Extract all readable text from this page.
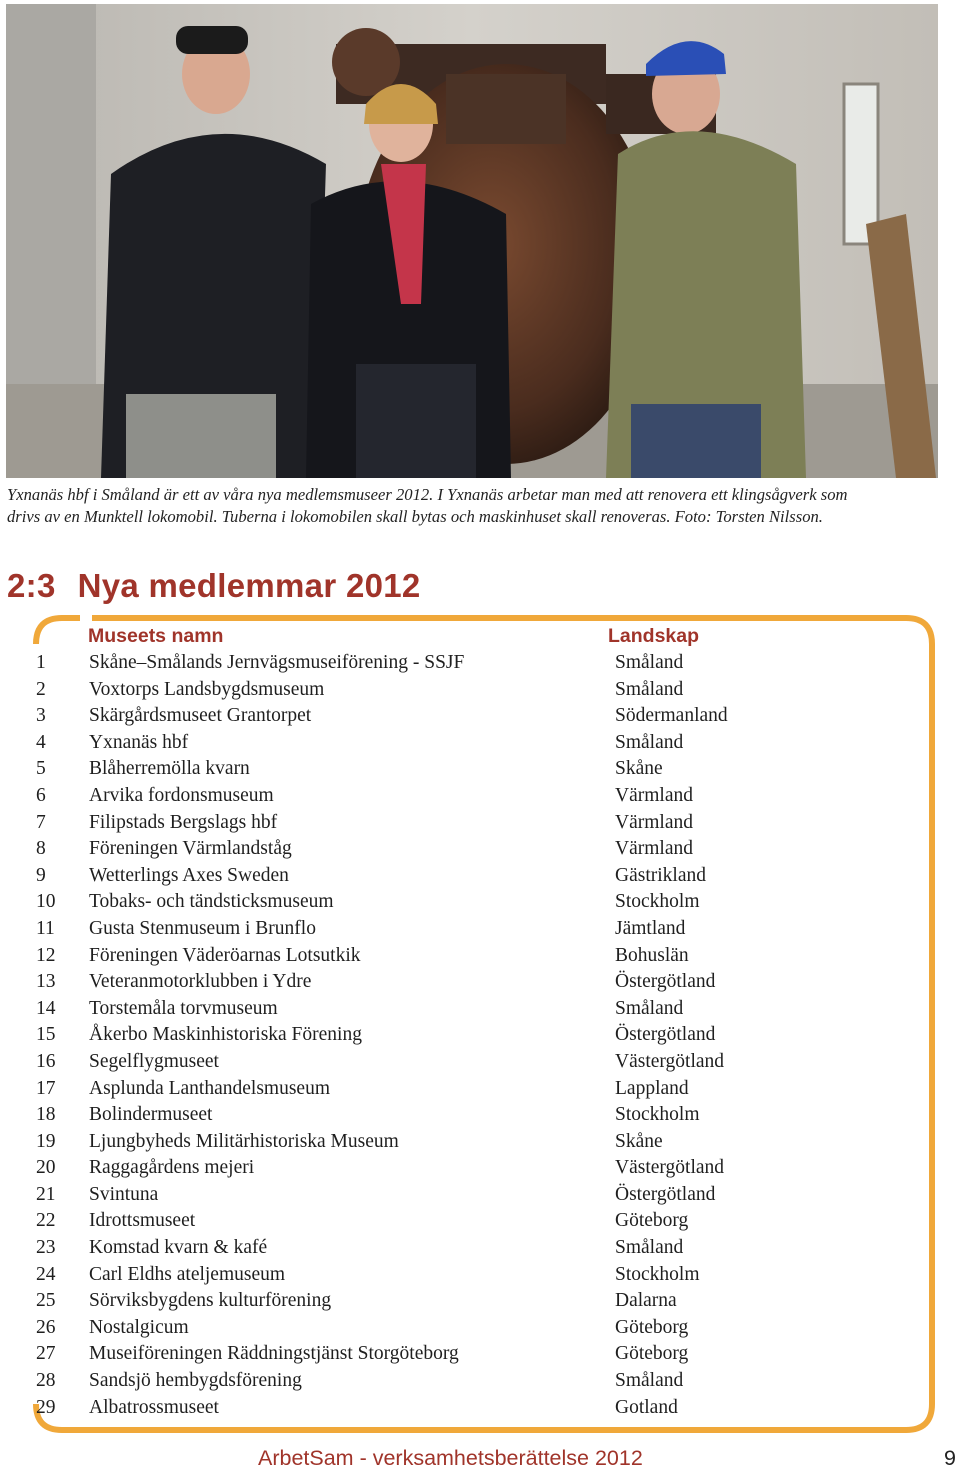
Yxnanäs hbf i Småland är ett av våra nya medlemsmuseer 2012. I Yxnanäs arbetar man med att renovera ett klingsågverk som
drivs av en Munktell lokomobil. Tuberna i lokomobilen skall bytas och maskinhuset skall renoveras. Foto: Torsten Nilsson.
2:3 Nya medlemmar 2012
Museets namn	Landskap
1 Skåne–Smålands Jernvägsmuseiförening - SSJF	Småland
2 Voxtorps Landsbygdsmuseum	Småland
3 Skärgårdsmuseet Grantorpet	Södermanland
4 Yxnanäs hbf	Småland
5 Blåherremölla kvarn	Skåne
6 Arvika fordonsmuseum	Värmland
7 Filipstads Bergslags hbf	Värmland
8 Föreningen Värmlandståg	Värmland
9 Wetterlings Axes Sweden	Gästrikland
10 Tobaks- och tändsticksmuseum	Stockholm
11 Gusta Stenmuseum i Brunflo	Jämtland
12 Föreningen Väderöarnas Lotsutkik	Bohuslän
13 Veteranmotorklubben i Ydre	Östergötland
14 Torstemåla torvmuseum	Småland
15 Åkerbo Maskinhistoriska Förening	Östergötland
16 Segelflygmuseet	Västergötland
17 Asplunda Lanthandelsmuseum	Lappland
18 Bolindermuseet	Stockholm
19 Ljungbyheds Militärhistoriska Museum	Skåne
20 Raggagårdens mejeri	Västergötland
21 Svintuna	Östergötland
22 Idrottsmuseet	Göteborg
23 Komstad kvarn & kafé	Småland
24 Carl Eldhs ateljemuseum	Stockholm
25 Sörviksbygdens kulturförening	Dalarna
26 Nostalgicum	Göteborg
27 Museiföreningen Räddningstjänst Storgöteborg	Göteborg
28 Sandsjö hembygdsförening	Småland
29 Albatrossmuseet	Gotland
ArbetSam - verksamhetsberättelse 2012	9
